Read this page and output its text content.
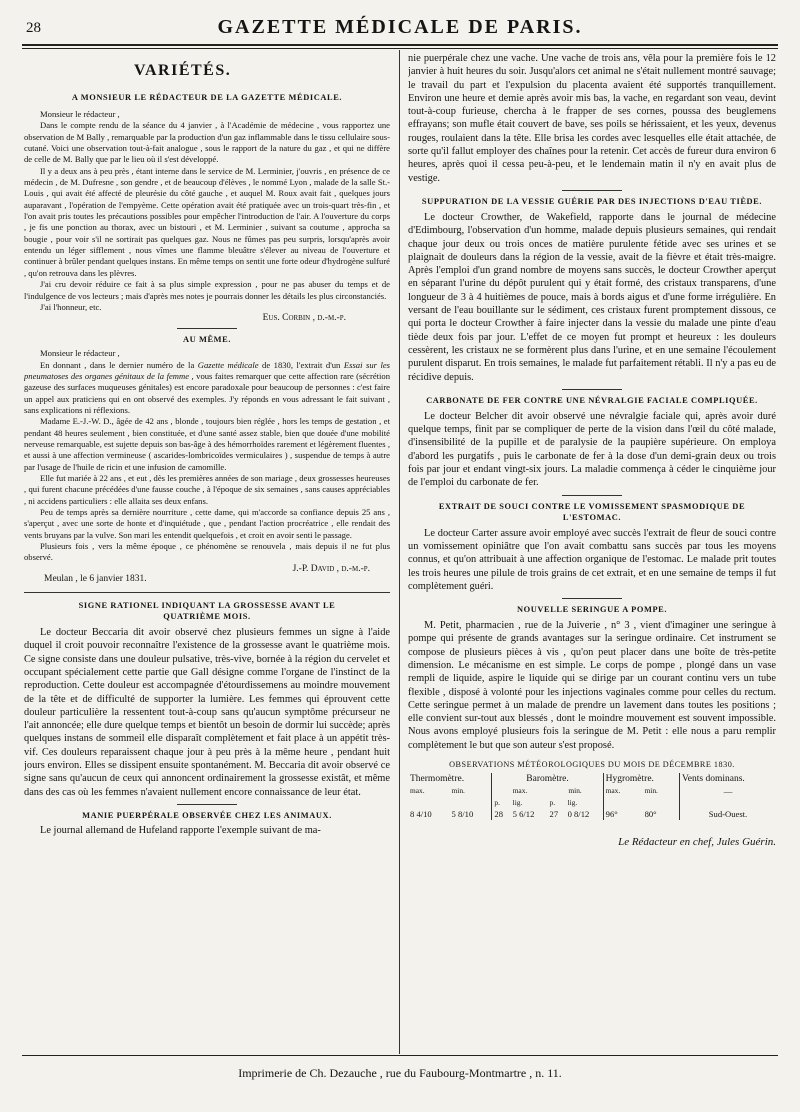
28	GAZETTE MÉDICALE DE PARIS.
VARIÉTÉS.
A MONSIEUR LE RÉDACTEUR DE LA GAZETTE MÉDICALE.

Monsieur le rédacteur ,

Dans le compte rendu de la séance du 4 janvier , à l'Académie de médecine , vous rapportez une observation de M Bally , remarquable par la production d'un gaz inflammable dans le tissu cellulaire sous-cutané. Voici une observation tout-à-fait analogue , sous le rapport de la nature du gaz , et qui ne diffère de celle de M. Bally que par le lieu où il s'est développé.

Il y a deux ans à peu près , étant interne dans le service de M. Lerminier, j'ouvris , en présence de ce médecin , de M. Dufresne , son gendre , et de beaucoup d'élèves , le nommé Lyon , malade de la salle St.-Louis , qui avait été affecté de pleurésie du côté gauche , et auquel M. Roux avait fait , quelques jours auparavant , l'opération de l'empyème. Cette opération avait été pratiquée avec un trois-quart très-fin , et l'on avait pris toutes les précautions possibles pour empêcher l'introduction de l'air. A l'ouverture du corps , je fis une ponction au thorax, avec un bistouri , et M. Lerminier , suivant sa coutume , approcha sa bougie , pour voir s'il ne sortirait pas quelques gaz. Nous ne fûmes pas peu surpris, lorsqu'après avoir entendu un léger sifflement , nous vîmes une flamme bleuâtre s'élever au niveau de l'ouverture et continuer à brûler pendant quelques instans. En même temps on sentit une forte odeur d'hydrogène sulfuré , qu'on retrouva dans les plèvres.

J'ai cru devoir réduire ce fait à sa plus simple expression , pour ne pas abuser du temps et de l'indulgence de vos lecteurs ; mais d'après mes notes je pourrais donner les détails les plus circonstanciés.

J'ai l'honneur, etc.

Eus. Corbin , d.-m.-p.

AU MÊME.

Monsieur le rédacteur ,

En donnant , dans le dernier numéro de la Gazette médicale de 1830, l'extrait d'un Essai sur les pneumatoses des organes génitaux de la femme , vous faites remarquer que cette affection rare (sécrétion gazeuse des surfaces muqueuses génitales) est encore paradoxale pour beaucoup de personnes : c'est faire un appel aux praticiens qui en ont observé des exemples. J'y réponds en vous adressant le fait suivant , sans explications ni réflexions.

Madame E.-J.-W. D., âgée de 42 ans , blonde , toujours bien réglée , hors les temps de gestation , et pendant 48 heures seulement , bien constituée, et d'une santé assez stable, bien que douée d'une mobilité nerveuse remarquable, est sujette depuis son bas-âge à des hémorrhoïdes rarement et légèrement fluentes , et aussi à une affection vermineuse ( ascarides-lombricoïdes vermiculaires ) , suspendue de temps à autre par l'usage de l'huile de ricin et une infusion de camomille.

Elle fut mariée à 22 ans , et eut , dès les premières années de son mariage , deux grossesses heureuses , qui furent chacune précédées d'une fausse couche , à l'époque de six semaines , sans causes appréciables , ni accidens particuliers : elle allaita ses deux enfans.

Peu de temps après sa dernière nourriture , cette dame, qui m'accorde sa confiance depuis 25 ans , s'aperçut , avec une sorte de honte et d'inquiétude , que , pendant l'action procréatrice , elle rendait des vents bruyans par la vulve. Son mari les entendit quelquefois , et croit en avoir senti le passage.

Plusieurs fois , vers la même époque , ce phénomène se renouvela , mais depuis il ne fut plus observé.

J.-P. David , d.-m.-p.

Meulan , le 6 janvier 1831.

SIGNE RATIONEL INDIQUANT LA GROSSESSE AVANT LE QUATRIÈME MOIS.

Le docteur Beccaria dit avoir observé chez plusieurs femmes un signe à l'aide duquel il croit pouvoir reconnaître l'existence de la grossesse avant le quatrième mois. Ce signe consiste dans une douleur pulsative, très-vive, bornée à la région du cervelet et occupant spécialement cette partie que Gall désigne comme l'organe de l'instinct de la reproduction. Cette douleur est accompagnée d'étourdissemens au moindre mouvement de la tête et de difficulté de supporter la lumière. Les femmes qui éprouvent cette douleur particulière la ressentent tout-à-coup sans qu'aucun symptôme précurseur ne l'ait annoncée; elle dure quelque temps et bientôt un besoin de dormir lui succède; après quelques instans de sommeil elle disparaît complètement et fait place à un appétit très-vif. Ces douleurs reparaissent chaque jour à peu près à la même heure , pendant huit jours environ. Elles se dissipent ensuite spontanément. M. Beccaria dit avoir observé ce signe sans qu'aucun de ceux qui annoncent ordinairement la grossesse existât, et même dans des cas où les femmes n'avaient nullement encore connaissance de leur état.

MANIE PUERPÉRALE OBSERVÉE CHEZ LES ANIMAUX.

Le journal allemand de Hufeland rapporte l'exemple suivant de ma-

nie puerpérale chez une vache. Une vache de trois ans, vêla pour la première fois le 12 janvier à huit heures du soir. Jusqu'alors cet animal ne s'était nullement montré sauvage; le travail du part et l'expulsion du placenta avaient été supportés tranquillement. Environ une heure et demie après avoir mis bas, la vache, en regardant son veau, devint tout-à-coup furieuse, chercha à le frapper de ses cornes, poussa des beuglemens effrayans; son mufle était couvert de bave, ses poils se hérissaient, et les yeux, devenus rouges, roulaient dans la tête. Elle brisa les cordes avec lesquelles elle était attachée, de sorte qu'il fallut employer des chaînes pour la retenir. Cet accès de fureur dura environ 6 heures, après quoi il cessa peu-à-peu, et le lendemain matin il n'y en avait plus de vestige.

SUPPURATION DE LA VESSIE GUÉRIE PAR DES INJECTIONS D'EAU TIÈDE.

Le docteur Crowther, de Wakefield, rapporte dans le journal de médecine d'Edimbourg, l'observation d'un homme, malade depuis plusieurs semaines, qui rendait chaque jour deux ou trois onces de matière purulente fétide avec ses urines et se plaignait de douleurs dans la région de la vessie, avait de la fièvre et était très-maigre. Après l'emploi d'un grand nombre de moyens sans succès, le docteur Crowther aperçut en séparant l'urine du dépôt purulent qui y était formé, des cristaux transparens, d'une longueur de 3 à 4 huitièmes de pouce, mais à bords aigus et d'une forme irrégulière. En versant de l'eau bouillante sur le sédiment, ces cristaux furent promptement dissous, ce qui porta le docteur Crowther à faire injecter dans la vessie du malade une pinte d'eau tiède deux fois par jour. L'effet de ce moyen fut prompt et heureux : les douleurs cessèrent, les cristaux ne se formèrent plus dans l'urine, et en une semaine l'écoulement purulent disparut. En trois semaines, le malade fut parfaitement rétabli. Il n'y a pas eu de récidive depuis.

CARBONATE DE FER CONTRE UNE NÉVRALGIE FACIALE COMPLIQUÉE.

Le docteur Belcher dit avoir observé une névralgie faciale qui, après avoir duré quelque temps, finit par se compliquer de perte de la vision dans l'œil du côté malade, d'insensibilité de la pupille et de paralysie de la paupière supérieure. On employa d'abord les purgatifs , puis le carbonate de fer à la dose d'un demi-grain deux ou trois fois par jour et endant vingt-six jours. La maladie commença à céder le cinquième jour de l'emploi du carbonate de fer.

EXTRAIT DE SOUCI CONTRE LE VOMISSEMENT SPASMODIQUE DE L'ESTOMAC.

Le docteur Carter assure avoir employé avec succès l'extrait de fleur de souci contre un vomissement opiniâtre que l'on avait combattu sans succès par tous les moyens connus, et qu'on attribuait à une affection organique de l'estomac. Le malade prit toutes les trois heures une pilule de trois grains de cet extrait, et en une semaine de temps il fut complètement guéri.

NOUVELLE SERINGUE A POMPE.

M. Petit, pharmacien , rue de la Juiverie , n° 3 , vient d'imaginer une seringue à pompe qui présente de grands avantages sur la seringue ordinaire. Cet instrument se compose de plusieurs pièces à vis , qu'on peut placer dans une boîte de très-petite dimension. Le mécanisme en est simple. Le corps de pompe , plongé dans un vase rempli de liquide, aspire le liquide qui se dirige par un courant continu vers un tube flexible , disposé à volonté pour les injections vaginales comme pour celles du rectum. Cette seringue permet à un malade de prendre un lavement dans toutes les positions ; elle convient sur-tout aux blessés , dont le moindre mouvement est souvent impossible. Nous avons employé plusieurs fois la seringue de M. Petit : elle nous a paru remplir complètement le but que son auteur s'est proposé.

OBSERVATIONS MÉTÉOROLOGIQUES DU MOIS DE DÉCEMBRE 1830.
Thermomètre.		Baromètre.				Hygromètre.		Vents dominans.
max.	min.	max.		min.		max.	min.	—
		p.	lig.	p.	lig.			
8 4/10	5 8/10	28	5 6/12	27	0 8/12	96°	80°	Sud-Ouest.
Le Rédacteur en chef, Jules Guérin.
Imprimerie de Ch. Dezauche , rue du Faubourg-Montmartre , n. 11.
